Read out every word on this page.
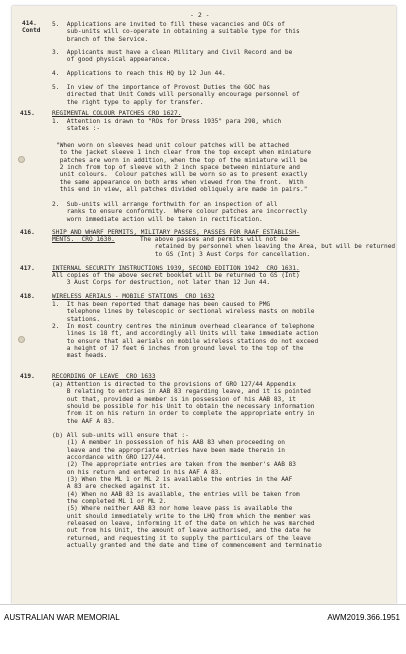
- 2 -
414.
Contd
5.  Applications are invited to fill these vacancies and OCs of
sub-units will co-operate in obtaining a suitable type for this
branch of the Service.
3.  Applicants must have a clean Military and Civil Record and be
of good physical appearance.
4.  Applications to reach this HQ by 12 Jun 44.
5.  In view of the importance of Provost Duties the GOC has
directed that Unit Comds will personally encourage personnel of
the right type to apply for transfer.
415.	REGIMENTAL COLOUR PATCHES CRO 1627.
1.  Attention is drawn to "ROs for Dress 1935" para 298, which
states :-
"When worn on sleeves head unit colour patches will be attached
to the jacket sleeve 1 inch clear from the top except when miniature
patches are worn in addition, when the top of the miniature will be
2 inch from top of sleeve with 2 inch space between miniature and
unit colours.  Colour patches will be worn so as to present exactly
the same appearance on both arms when viewed from the front.  With
this end in view, all patches divided obliquely are made in pairs."
2.  Sub-units will arrange forthwith for an inspection of all
ranks to ensure conformity.  Where colour patches are incorrectly
worn immediate action will be taken in rectification.
416.	SHIP AND WHARF PERMITS, MILITARY PASSES, PASSES FOR RAAF ESTABLISH-
MENTS.  CRO 1630.	The above passes and permits will not be
retained by personnel when leaving the Area, but will be returned
to GS (Int) 3 Aust Corps for cancellation.
417.	INTERNAL SECURITY INSTRUCTIONS 1939, SECOND EDITION 1942  CRO 1631.
All copies of the above secret booklet will be returned to GS (Int)
3 Aust Corps for destruction, not later than 12 Jun 44.
418.	WIRELESS AERIALS - MOBILE STATIONS  CRO 1632
1.  It has been reported that damage has been caused to PMG
telephone lines by telescopic or sectional wireless masts on mobile
stations.
2.  In most country centres the minimum overhead clearance of telephone
lines is 18 ft, and accordingly all Units will take immediate action
to ensure that all aerials on mobile wireless stations do not exceed
a height of 17 feet 6 inches from ground level to the top of the
mast heads.
419.	RECORDING OF LEAVE  CRO 1633
(a) Attention is directed to the provisions of GRO 127/44 Appendix
B relating to entries in AAB 83 regarding leave, and it is pointed
out that, provided a member is in possession of his AAB 83, it
should be possible for his Unit to obtain the necessary information
from it on his return in order to complete the appropriate entry in
the AAF A 83.
(b) All sub-units will ensure that :-
(1) A member in possession of his AAB 83 when proceeding on
leave and the appropriate entries have been made therein in
accordance with GRO 127/44.
(2) The appropriate entries are taken from the member's AAB 83
on his return and entered in his AAF A 83.
(3) When the ML 1 or ML 2 is available the entries in the AAF
A 83 are checked against it.
(4) When no AAB 83 is available, the entries will be taken from
the completed ML 1 or ML 2.
(5) Where neither AAB 83 nor home leave pass is available the
unit should immediately write to the LHQ from which the member was
released on leave, informing it of the date on which he was marched
out from his Unit, the amount of leave authorised, and the date he
returned, and requesting it to supply the particulars of the leave
actually granted and the date and time of commencement and terminatio
AUSTRALIAN WAR MEMORIAL	AWM2019.366.1951
